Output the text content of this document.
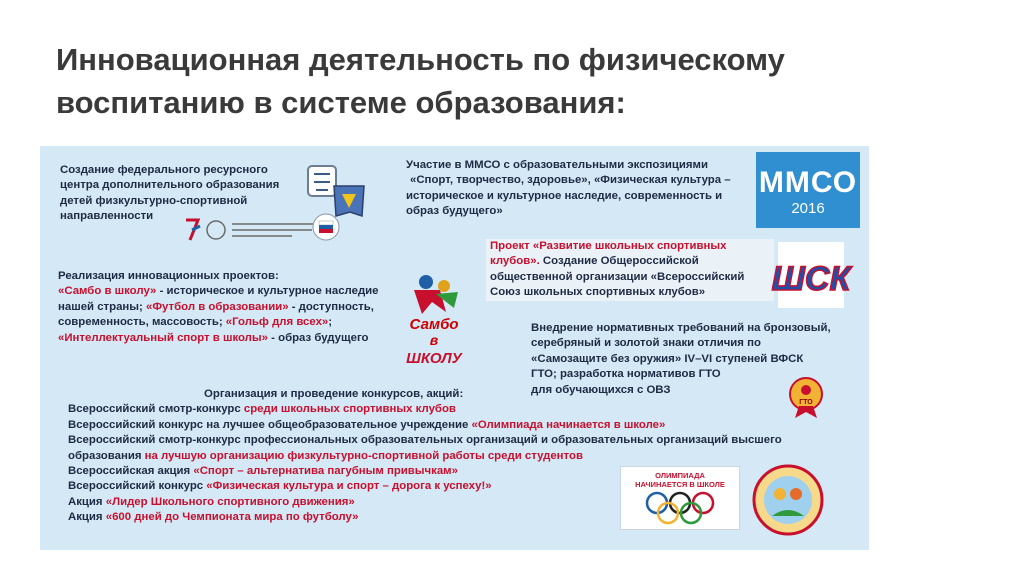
Инновационная деятельность по физическому
воспитанию в системе образования:
Создание федерального ресурсного
центра дополнительного образования
детей физкультурно-спортивной
направленности
Участие в ММСО с образовательными экспозициями
«Спорт, творчество, здоровье», «Физическая культура –
историческое и культурное наследие, современность и
образ будущего»
Проект «Развитие школьных спортивных клубов». Создание Общероссийской общественной организации «Всероссийский Союз школьных спортивных клубов»
Реализация инновационных проектов:
«Самбо в школу» - историческое и культурное наследие нашей страны; «Футбол в образовании» - доступность, современность, массовость; «Гольф для всех»; «Интеллектуальный спорт в школы» - образ будущего
Внедрение нормативных требований на бронзовый,
серебряный и золотой знаки отличия по
«Самозащите без оружия» IV–VI ступеней ВФСК
ГТО; разработка нормативов ГТО
для обучающихся с ОВЗ
Организация и проведение конкурсов, акций:
Всероссийский смотр-конкурс среди школьных спортивных клубов
Всероссийский конкурс на лучшее общеобразовательное учреждение «Олимпиада начинается в школе»
Всероссийский смотр-конкурс профессиональных образовательных организаций и образовательных организаций высшего
образования на лучшую организацию физкультурно-спортивной работы среди студентов
Всероссийская акция «Спорт – альтернатива пагубным привычкам»
Всероссийский конкурс «Физическая культура и спорт – дорога к успеху!»
Акция «Лидер Школьного спортивного движения»
Акция «600 дней до Чемпионата мира по футболу»
ММСО
2016
ШСК
Самбо
в
ШКОЛУ
ГТО
ОЛИМПИАДА
НАЧИНАЕТСЯ В ШКОЛЕ
